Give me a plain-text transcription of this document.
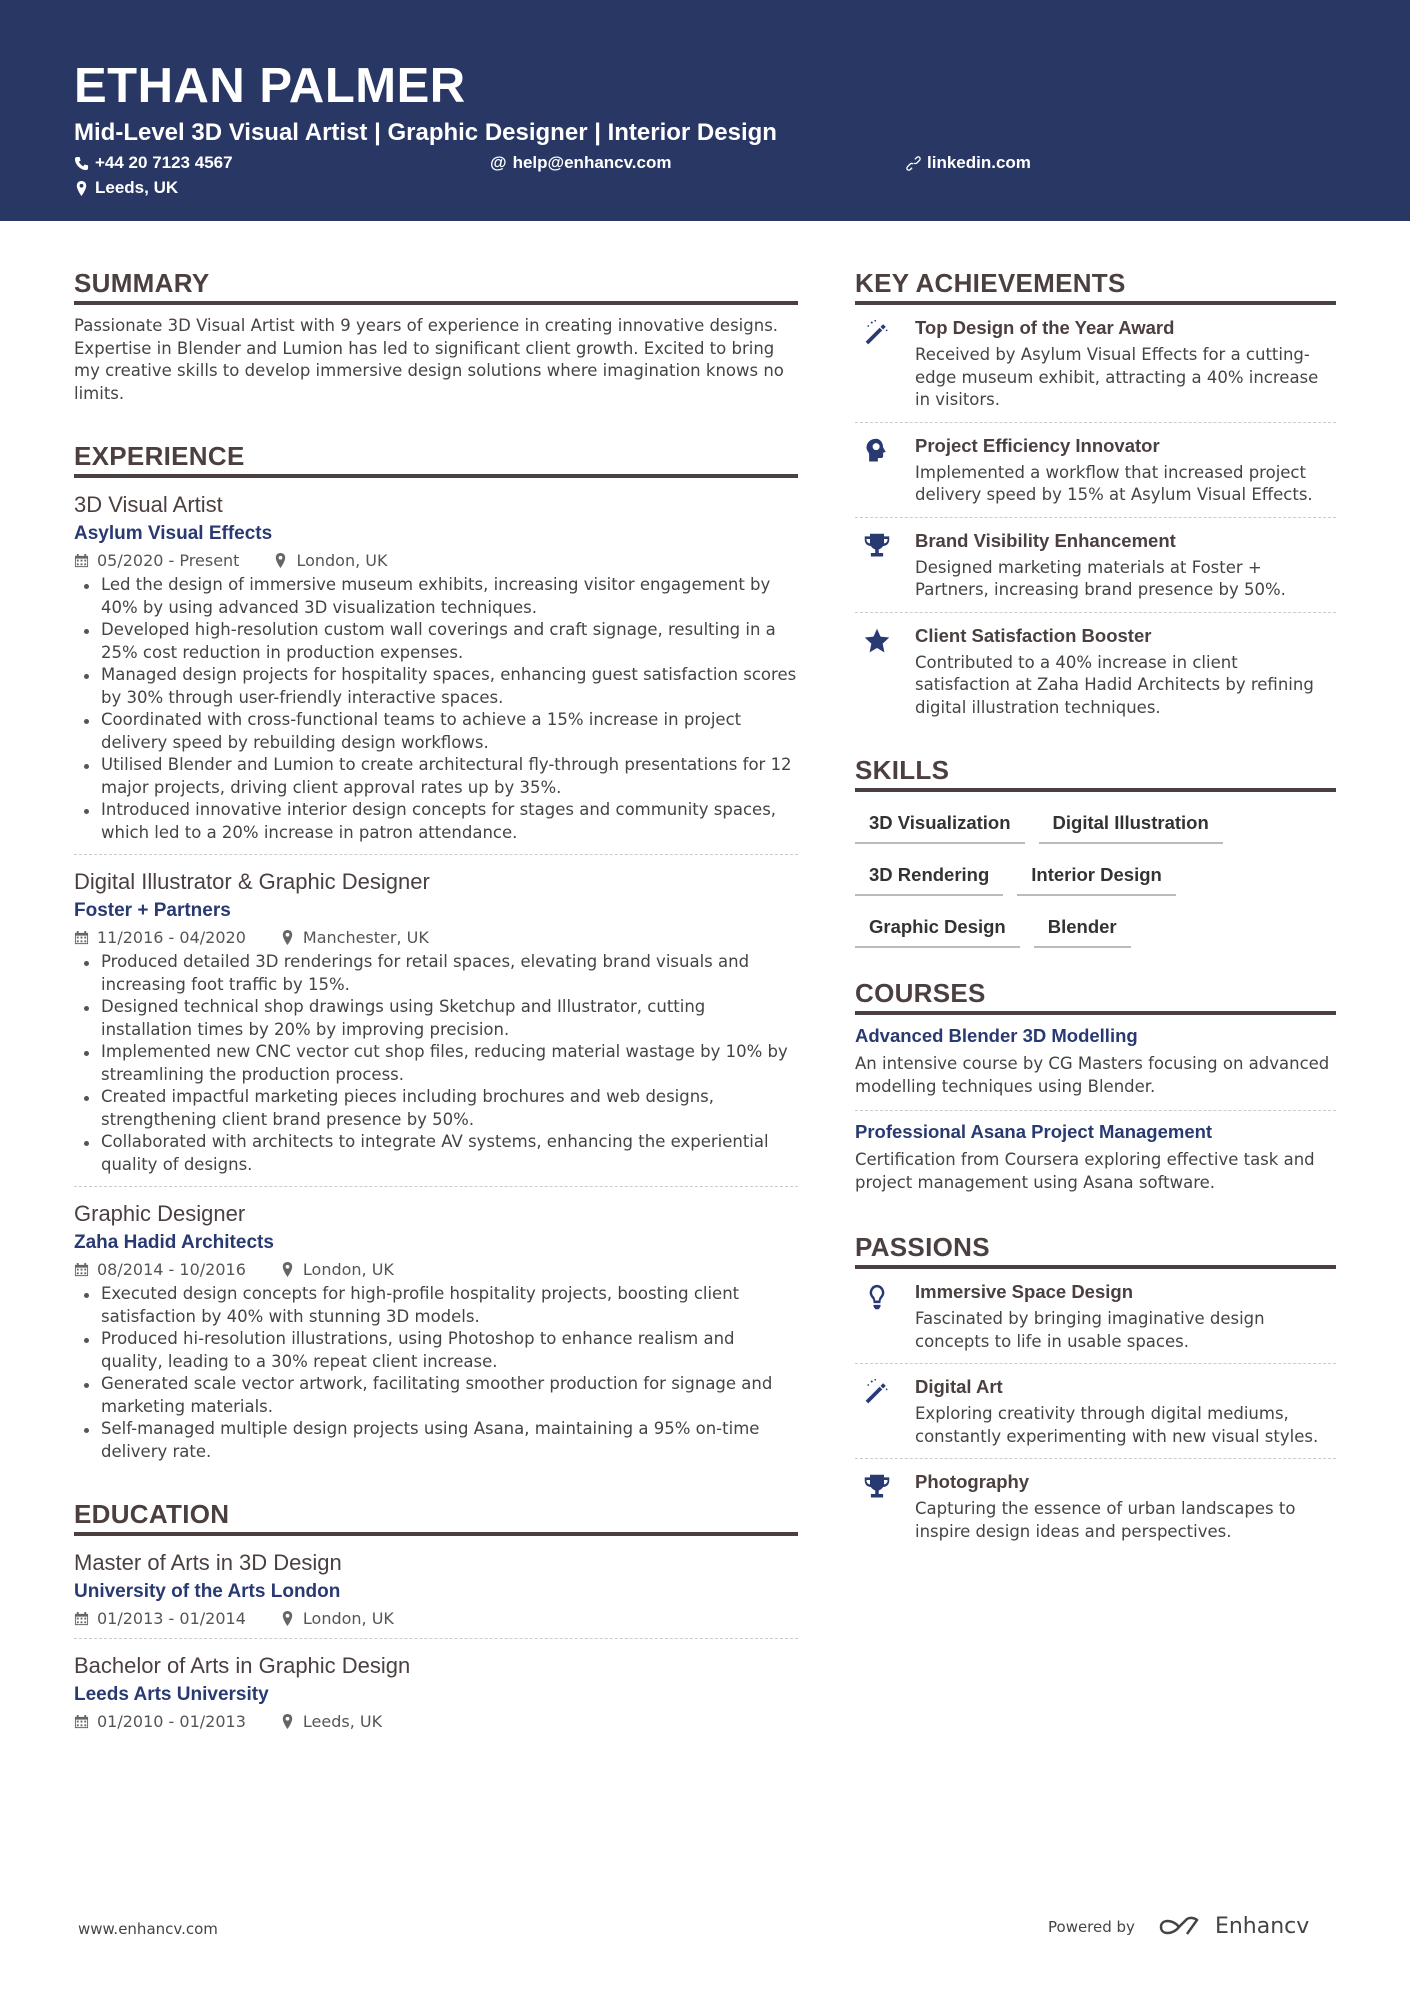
ETHAN PALMER
Mid-Level 3D Visual Artist | Graphic Designer | Interior Design
+44 20 7123 4567	@ help@enhancv.com	linkedin.com
Leeds, UK
SUMMARY
Passionate 3D Visual Artist with 9 years of experience in creating innovative designs. Expertise in Blender and Lumion has led to significant client growth. Excited to bring my creative skills to develop immersive design solutions where imagination knows no limits.
EXPERIENCE
3D Visual Artist
Asylum Visual Effects
05/2020 - Present	London, UK
Led the design of immersive museum exhibits, increasing visitor engagement by 40% by using advanced 3D visualization techniques.
Developed high-resolution custom wall coverings and craft signage, resulting in a 25% cost reduction in production expenses.
Managed design projects for hospitality spaces, enhancing guest satisfaction scores by 30% through user-friendly interactive spaces.
Coordinated with cross-functional teams to achieve a 15% increase in project delivery speed by rebuilding design workflows.
Utilised Blender and Lumion to create architectural fly-through presentations for 12 major projects, driving client approval rates up by 35%.
Introduced innovative interior design concepts for stages and community spaces, which led to a 20% increase in patron attendance.
Digital Illustrator & Graphic Designer
Foster + Partners
11/2016 - 04/2020	Manchester, UK
Produced detailed 3D renderings for retail spaces, elevating brand visuals and increasing foot traffic by 15%.
Designed technical shop drawings using Sketchup and Illustrator, cutting installation times by 20% by improving precision.
Implemented new CNC vector cut shop files, reducing material wastage by 10% by streamlining the production process.
Created impactful marketing pieces including brochures and web designs, strengthening client brand presence by 50%.
Collaborated with architects to integrate AV systems, enhancing the experiential quality of designs.
Graphic Designer
Zaha Hadid Architects
08/2014 - 10/2016	London, UK
Executed design concepts for high-profile hospitality projects, boosting client satisfaction by 40% with stunning 3D models.
Produced hi-resolution illustrations, using Photoshop to enhance realism and quality, leading to a 30% repeat client increase.
Generated scale vector artwork, facilitating smoother production for signage and marketing materials.
Self-managed multiple design projects using Asana, maintaining a 95% on-time delivery rate.
EDUCATION
Master of Arts in 3D Design
University of the Arts London
01/2013 - 01/2014	London, UK
Bachelor of Arts in Graphic Design
Leeds Arts University
01/2010 - 01/2013	Leeds, UK
KEY ACHIEVEMENTS
Top Design of the Year Award
Received by Asylum Visual Effects for a cutting-edge museum exhibit, attracting a 40% increase in visitors.
Project Efficiency Innovator
Implemented a workflow that increased project delivery speed by 15% at Asylum Visual Effects.
Brand Visibility Enhancement
Designed marketing materials at Foster + Partners, increasing brand presence by 50%.
Client Satisfaction Booster
Contributed to a 40% increase in client satisfaction at Zaha Hadid Architects by refining digital illustration techniques.
SKILLS
3D Visualization	Digital Illustration
3D Rendering	Interior Design
Graphic Design	Blender
COURSES
Advanced Blender 3D Modelling
An intensive course by CG Masters focusing on advanced modelling techniques using Blender.
Professional Asana Project Management
Certification from Coursera exploring effective task and project management using Asana software.
PASSIONS
Immersive Space Design
Fascinated by bringing imaginative design concepts to life in usable spaces.
Digital Art
Exploring creativity through digital mediums, constantly experimenting with new visual styles.
Photography
Capturing the essence of urban landscapes to inspire design ideas and perspectives.
www.enhancv.com	Powered by	Enhancv
